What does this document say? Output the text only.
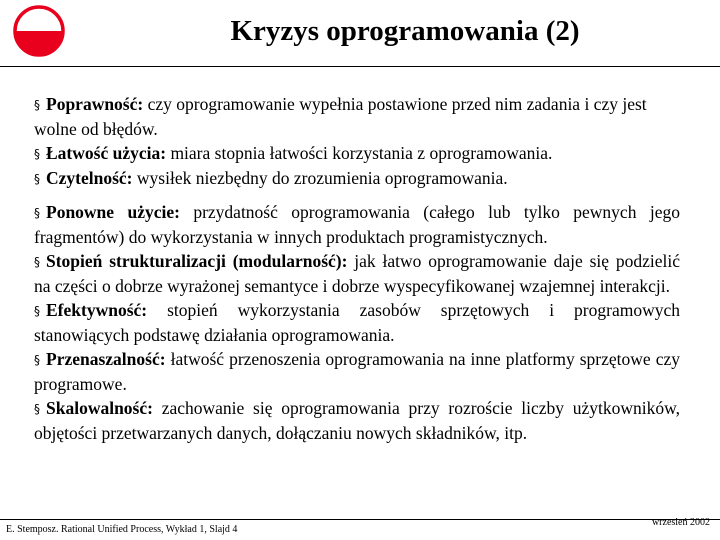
Kryzys oprogramowania (2)

§ Poprawność: czy oprogramowanie wypełnia postawione przed nim zadania i czy jest wolne od błędów.

§ Łatwość użycia: miara stopnia łatwości korzystania z oprogramowania.

§ Czytelność: wysiłek niezbędny do zrozumienia oprogramowania.

§ Ponowne użycie: przydatność oprogramowania (całego lub tylko pewnych jego fragmentów) do wykorzystania w innych produktach programistycznych.

§ Stopień strukturalizacji (modularność): jak łatwo oprogramowanie daje się podzielić na części o dobrze wyrażonej semantyce i dobrze wyspecyfikowanej wzajemnej interakcji.

§ Efektywność: stopień wykorzystania zasobów sprzętowych i programowych stanowiących podstawę działania oprogramowania.

§ Przenaszalność: łatwość przenoszenia oprogramowania na inne platformy sprzętowe czy programowe.

§ Skalowalność: zachowanie się oprogramowania przy rozroście liczby użytkowników, objętości przetwarzanych danych, dołączaniu nowych składników, itp.

E. Stemposz. Rational Unified Process, Wykład 1, Slajd 4
wrzesień 2002
